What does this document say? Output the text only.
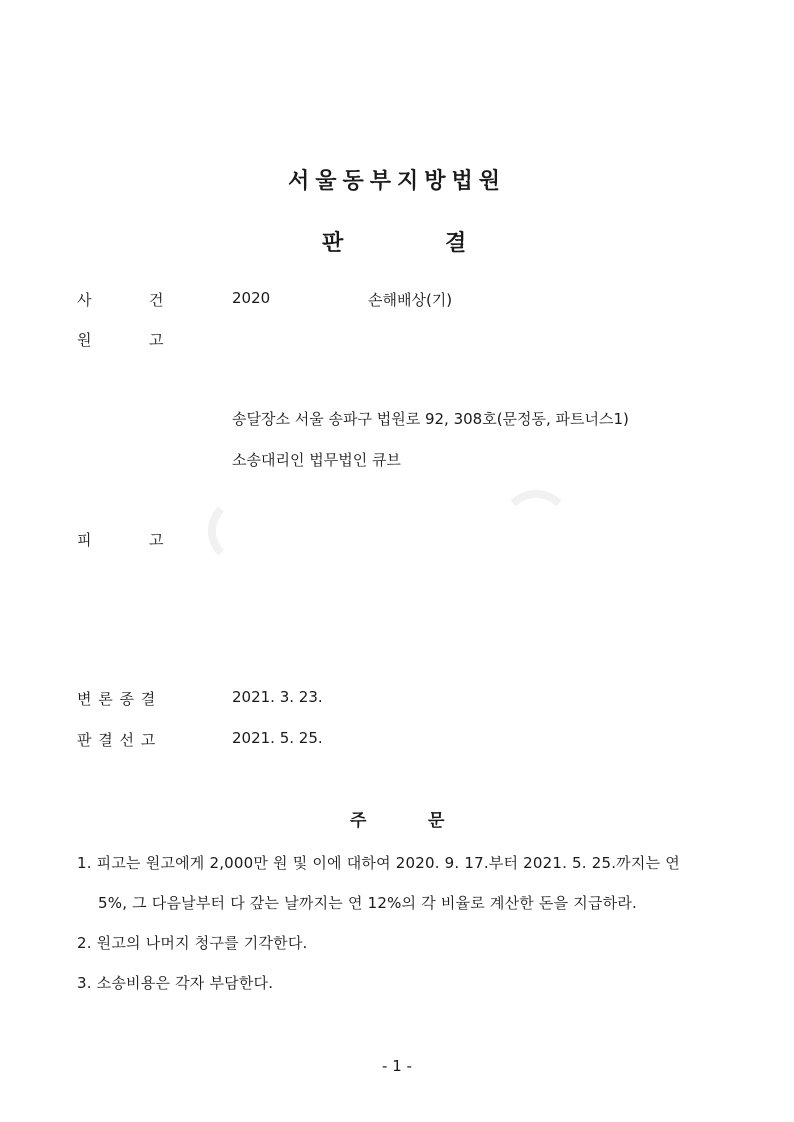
서울동부지방법원
판	결
사	건	2020	손해배상(기)
원	고
송달장소 서울 송파구 법원로 92, 308호(문정동, 파트너스1)
소송대리인 법무법인 큐브
피	고
변 론 종 결	2021. 3. 23.
판 결 선 고	2021. 5. 25.
주	문
1. 피고는 원고에게 2,000만 원 및 이에 대하여 2020. 9. 17.부터 2021. 5. 25.까지는 연
5%, 그 다음날부터 다 갚는 날까지는 연 12%의 각 비율로 계산한 돈을 지급하라.
2. 원고의 나머지 청구를 기각한다.
3. 소송비용은 각자 부담한다.
- 1 -
